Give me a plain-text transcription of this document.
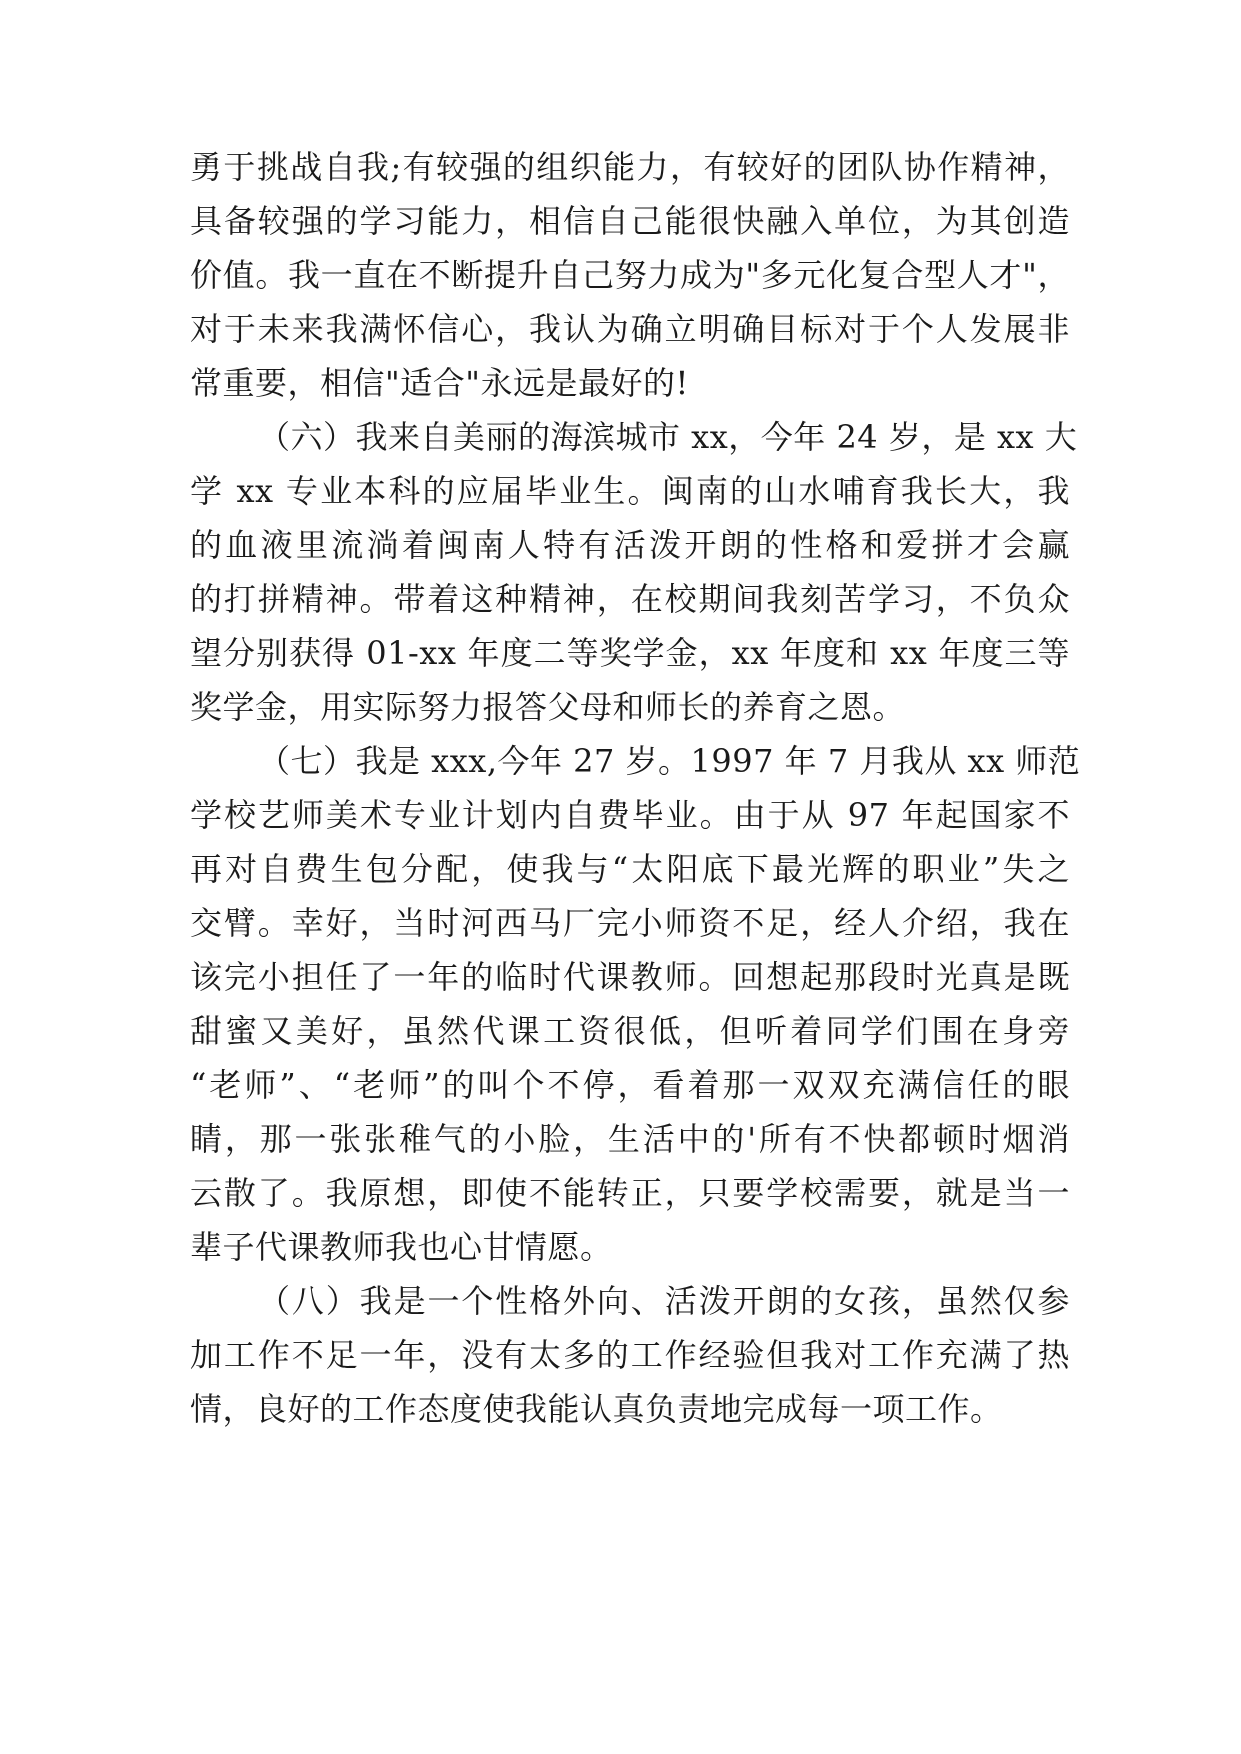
勇于挑战自我;有较强的组织能力，有较好的团队协作精神，
具备较强的学习能力，相信自己能很快融入单位，为其创造
价值。我一直在不断提升自己努力成为"多元化复合型人才"，
对于未来我满怀信心，我认为确立明确目标对于个人发展非
常重要，相信"适合"永远是最好的!
（六）我来自美丽的海滨城市 xx，今年 24 岁，是 xx 大
学 xx 专业本科的应届毕业生。闽南的山水哺育我长大，我
的血液里流淌着闽南人特有活泼开朗的性格和爱拼才会赢
的打拼精神。带着这种精神，在校期间我刻苦学习，不负众
望分别获得 01-xx 年度二等奖学金，xx 年度和 xx 年度三等
奖学金，用实际努力报答父母和师长的养育之恩。
（七）我是 xxx,今年 27 岁。1997 年 7 月我从 xx 师范
学校艺师美术专业计划内自费毕业。由于从 97 年起国家不
再对自费生包分配，使我与“太阳底下最光辉的职业”失之
交臂。幸好，当时河西马厂完小师资不足，经人介绍，我在
该完小担任了一年的临时代课教师。回想起那段时光真是既
甜蜜又美好，虽然代课工资很低，但听着同学们围在身旁
“老师”、“老师”的叫个不停，看着那一双双充满信任的眼
睛，那一张张稚气的小脸，生活中的'所有不快都顿时烟消
云散了。我原想，即使不能转正，只要学校需要，就是当一
辈子代课教师我也心甘情愿。
（八）我是一个性格外向、活泼开朗的女孩，虽然仅参
加工作不足一年，没有太多的工作经验但我对工作充满了热
情，良好的工作态度使我能认真负责地完成每一项工作。
